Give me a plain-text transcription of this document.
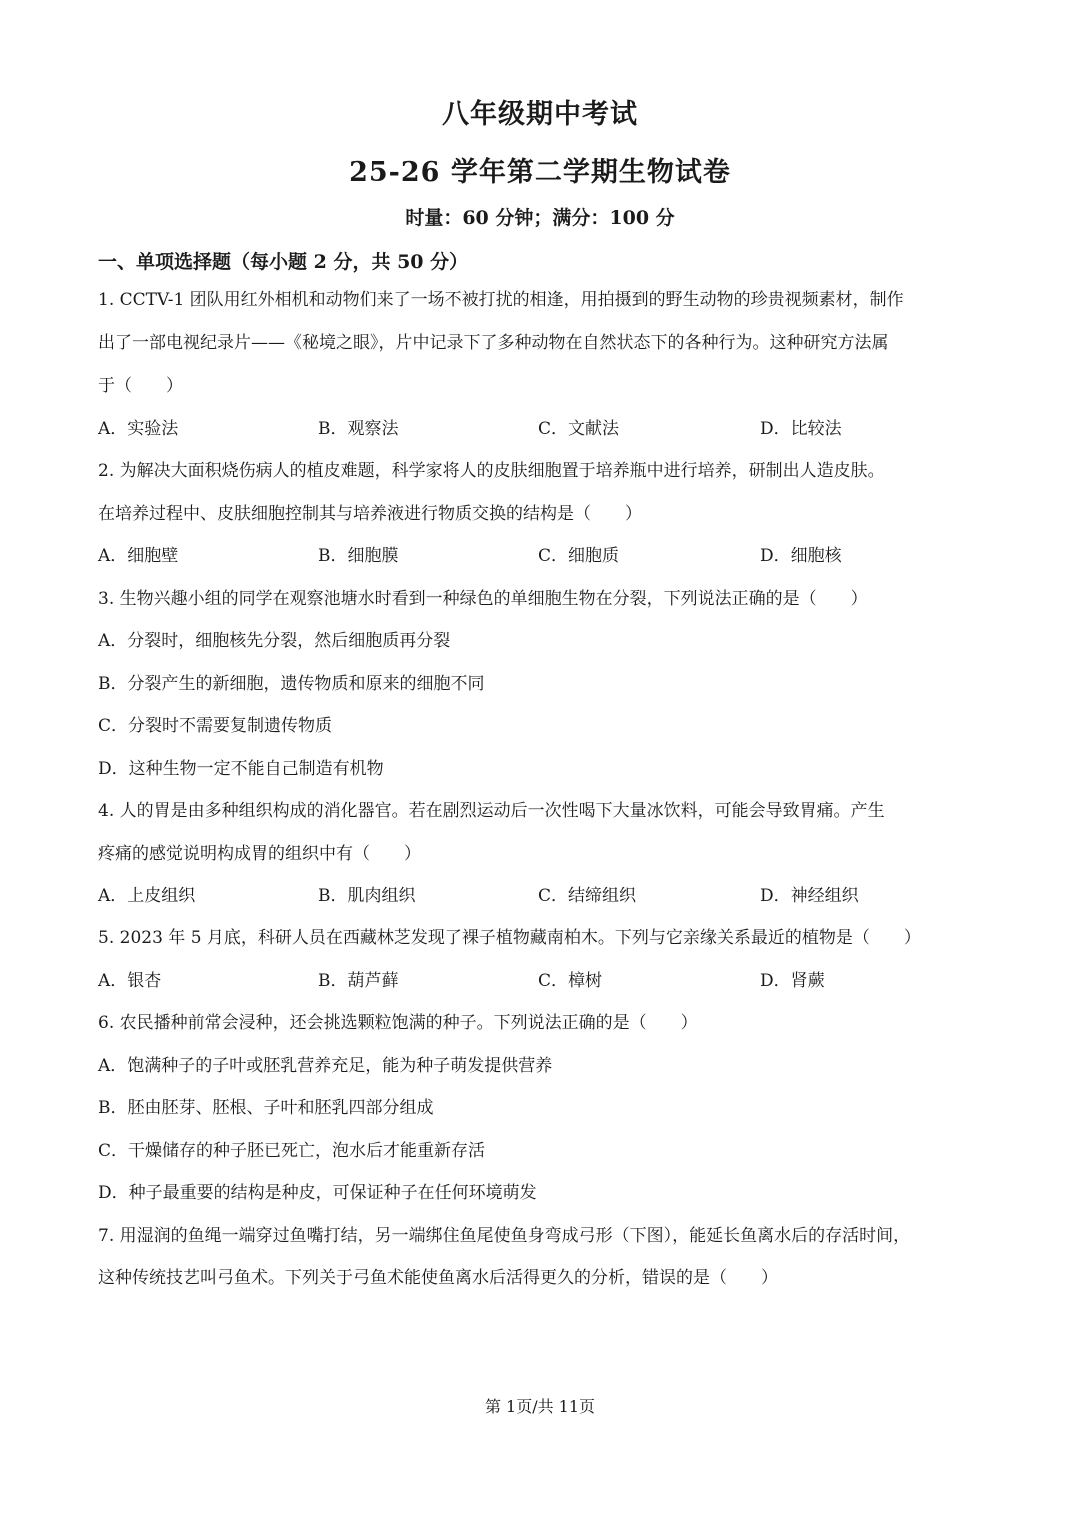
八年级期中考试
25-26 学年第二学期生物试卷
时量：60 分钟；满分：100 分
一、单项选择题（每小题 2 分，共 50 分）
1. CCTV-1 团队用红外相机和动物们来了一场不被打扰的相逢，用拍摄到的野生动物的珍贵视频素材，制作
出了一部电视纪录片——《秘境之眼》，片中记录下了多种动物在自然状态下的各种行为。这种研究方法属
于（　　）
A．实验法	B．观察法	C．文献法	D．比较法
2. 为解决大面积烧伤病人的植皮难题，科学家将人的皮肤细胞置于培养瓶中进行培养，研制出人造皮肤。
在培养过程中、皮肤细胞控制其与培养液进行物质交换的结构是（　　）
A．细胞壁	B．细胞膜	C．细胞质	D．细胞核
3. 生物兴趣小组的同学在观察池塘水时看到一种绿色的单细胞生物在分裂，下列说法正确的是（　　）
A．分裂时，细胞核先分裂，然后细胞质再分裂
B．分裂产生的新细胞，遗传物质和原来的细胞不同
C．分裂时不需要复制遗传物质
D．这种生物一定不能自己制造有机物
4. 人的胃是由多种组织构成的消化器官。若在剧烈运动后一次性喝下大量冰饮料，可能会导致胃痛。产生
疼痛的感觉说明构成胃的组织中有（　　）
A．上皮组织	B．肌肉组织	C．结缔组织	D．神经组织
5. 2023 年 5 月底，科研人员在西藏林芝发现了裸子植物藏南柏木。下列与它亲缘关系最近的植物是（　　）
A．银杏	B．葫芦藓	C．樟树	D．肾蕨
6. 农民播种前常会浸种，还会挑选颗粒饱满的种子。下列说法正确的是（　　）
A．饱满种子的子叶或胚乳营养充足，能为种子萌发提供营养
B．胚由胚芽、胚根、子叶和胚乳四部分组成
C．干燥储存的种子胚已死亡，泡水后才能重新存活
D．种子最重要的结构是种皮，可保证种子在任何环境萌发
7. 用湿润的鱼绳一端穿过鱼嘴打结，另一端绑住鱼尾使鱼身弯成弓形（下图），能延长鱼离水后的存活时间，
这种传统技艺叫弓鱼术。下列关于弓鱼术能使鱼离水后活得更久的分析，错误的是（　　）
第 1页/共 11页
